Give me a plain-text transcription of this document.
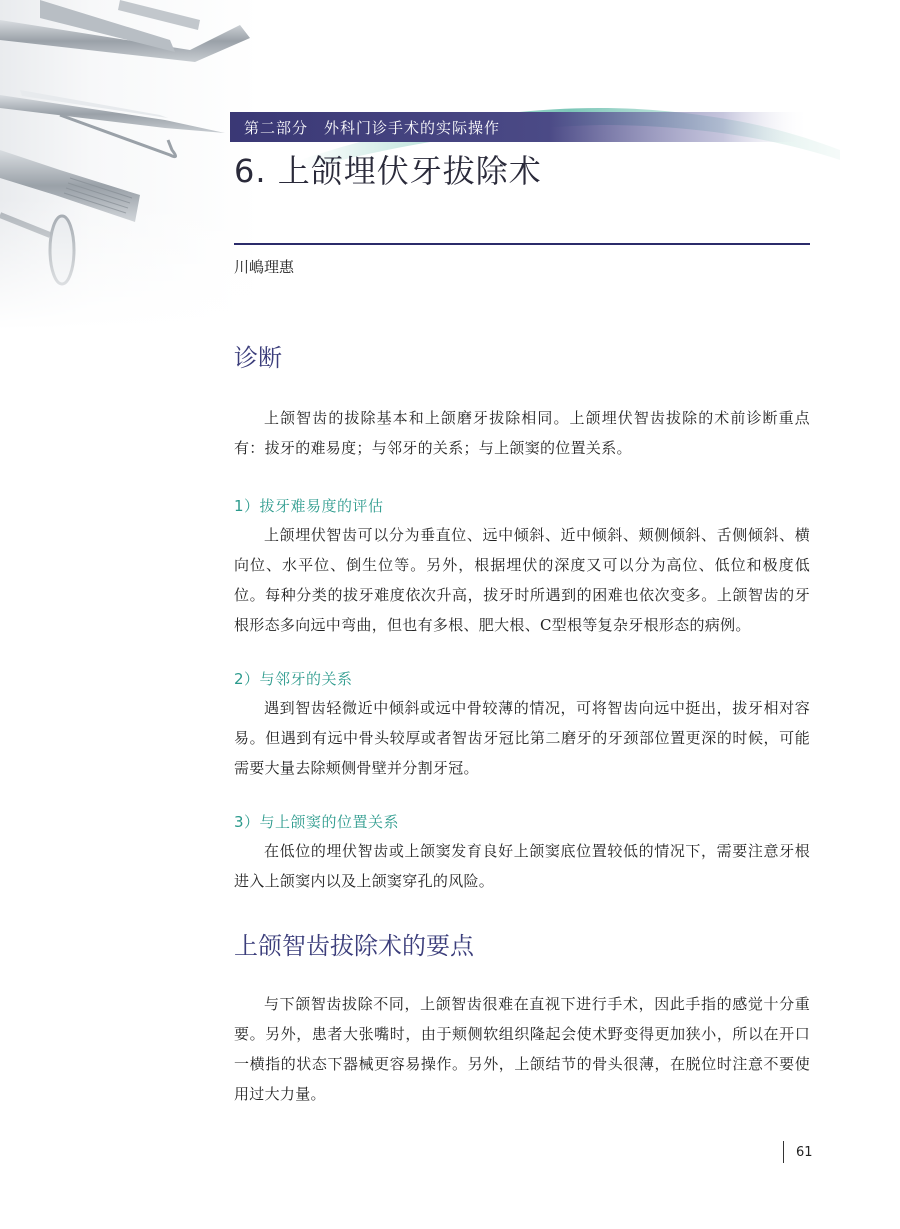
第二部分　外科门诊手术的实际操作
6. 上颌埋伏牙拔除术
川嶋理惠
诊断

上颌智齿的拔除基本和上颌磨牙拔除相同。上颌埋伏智齿拔除的术前诊断重点有：拔牙的难易度；与邻牙的关系；与上颌窦的位置关系。

1）拔牙难易度的评估

上颌埋伏智齿可以分为垂直位、远中倾斜、近中倾斜、颊侧倾斜、舌侧倾斜、横向位、水平位、倒生位等。另外，根据埋伏的深度又可以分为高位、低位和极度低位。每种分类的拔牙难度依次升高，拔牙时所遇到的困难也依次变多。上颌智齿的牙根形态多向远中弯曲，但也有多根、肥大根、C型根等复杂牙根形态的病例。

2）与邻牙的关系

遇到智齿轻微近中倾斜或远中骨较薄的情况，可将智齿向远中挺出，拔牙相对容易。但遇到有远中骨头较厚或者智齿牙冠比第二磨牙的牙颈部位置更深的时候，可能需要大量去除颊侧骨壁并分割牙冠。

3）与上颌窦的位置关系

在低位的埋伏智齿或上颌窦发育良好上颌窦底位置较低的情况下，需要注意牙根进入上颌窦内以及上颌窦穿孔的风险。

上颌智齿拔除术的要点

与下颌智齿拔除不同，上颌智齿很难在直视下进行手术，因此手指的感觉十分重要。另外，患者大张嘴时，由于颊侧软组织隆起会使术野变得更加狭小，所以在开口一横指的状态下器械更容易操作。另外，上颌结节的骨头很薄，在脱位时注意不要使用过大力量。

61
